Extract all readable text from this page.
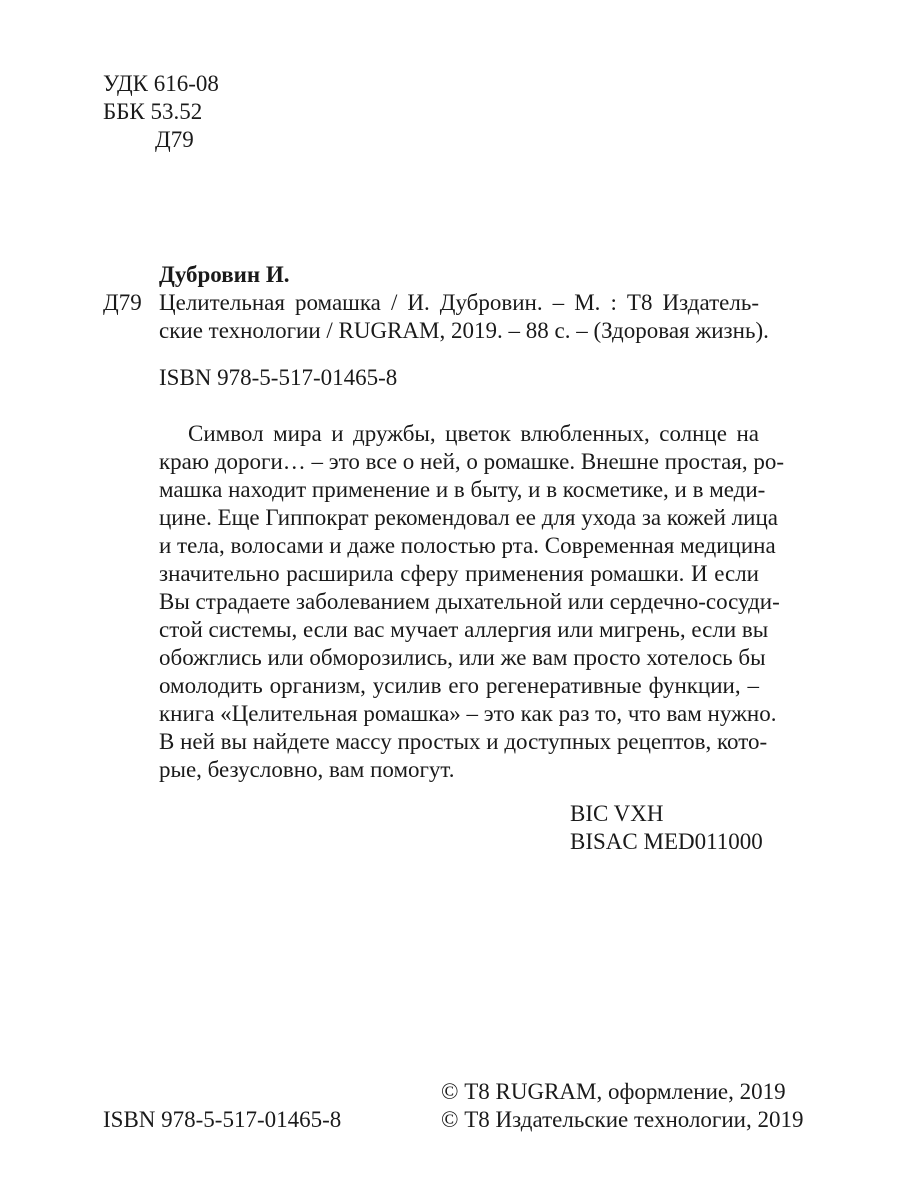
УДК 616-08
ББК 53.52
Д79
Дубровин И.
Д79 Целительная ромашка / И. Дубровин. – М. : Т8 Издатель-
ские технологии / RUGRAM, 2019. – 88 с. – (Здоровая жизнь).
ISBN 978-5-517-01465-8
Символ мира и дружбы, цветок влюбленных, солнце на
краю дороги… – это все о ней, о ромашке. Внешне простая, ро-
машка находит применение и в быту, и в косметике, и в меди-
цине. Еще Гиппократ рекомендовал ее для ухода за кожей лица
и тела, волосами и даже полостью рта. Современная медицина
значительно расширила сферу применения ромашки. И если
Вы страдаете заболеванием дыхательной или сердечно-сосуди-
стой системы, если вас мучает аллергия или мигрень, если вы
обожглись или обморозились, или же вам просто хотелось бы
омолодить организм, усилив его регенеративные функции, –
книга «Целительная ромашка» – это как раз то, что вам нужно.
В ней вы найдете массу простых и доступных рецептов, кото-
рые, безусловно, вам помогут.
BIC VXH
BISAC MED011000
ISBN 978-5-517-01465-8
© Т8 RUGRAM, оформление, 2019
© Т8 Издательские технологии, 2019
